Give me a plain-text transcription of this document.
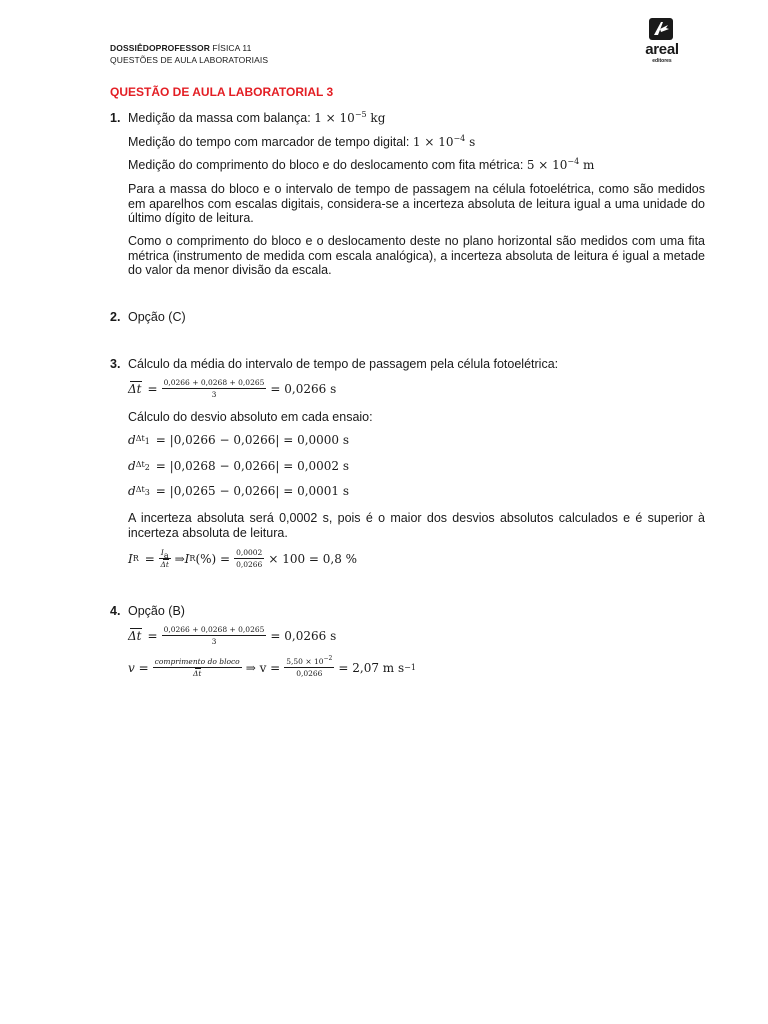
DOSSIÊDOPROFESSOR FÍSICA 11
QUESTÕES DE AULA LABORATORIAIS
areal
editores
QUESTÃO DE AULA LABORATORIAL 3
1. Medição da massa com balança: $1 \times 10^{-5}$ kg
Medição do tempo com marcador de tempo digital: $1 \times 10^{-4}$ s
Medição do comprimento do bloco e do deslocamento com fita métrica: $5 \times 10^{-4}$ m
Para a massa do bloco e o intervalo de tempo de passagem na célula fotoelétrica, como são medidos em aparelhos com escalas digitais, considera-se a incerteza absoluta de leitura igual a uma unidade do último dígito de leitura.
Como o comprimento do bloco e o deslocamento deste no plano horizontal são medidos com uma fita métrica (instrumento de medida com escala analógica), a incerteza absoluta de leitura é igual a metade do valor da menor divisão da escala.
2. Opção (C)
3. Cálculo da média do intervalo de tempo de passagem pela célula fotoelétrica:
$\Delta t = \frac{0,0266 + 0,0268 + 0,0265}{3} = 0,0266$ s
Cálculo do desvio absoluto em cada ensaio:
d $\Delta t_1 = |0,0266 - 0,0266| = 0,0000$ s
d $\Delta t_2 = |0,0268 - 0,0266| = 0,0002$ s
d $\Delta t_3 = |0,0265 - 0,0266| = 0,0001$ s
A incerteza absoluta será 0,0002 s, pois é o maior dos desvios absolutos calculados e é superior à incerteza absoluta de leitura.
I $R = \frac{I_a}{\Delta t}$ ⇒ I R (%) = $\frac{0,0002}{0,0266} \times 100 = 0,8$ %
4. Opção (B)
$\Delta t = \frac{0,0266 + 0,0268 + 0,0265}{3} = 0,0266$ s
$v = \frac{\text{comprimento do bloco}}{\Delta t}$ ⇒ $v = \frac{5,50 \times 10^{-2}}{0,0266} = 2,07$ m s −1
